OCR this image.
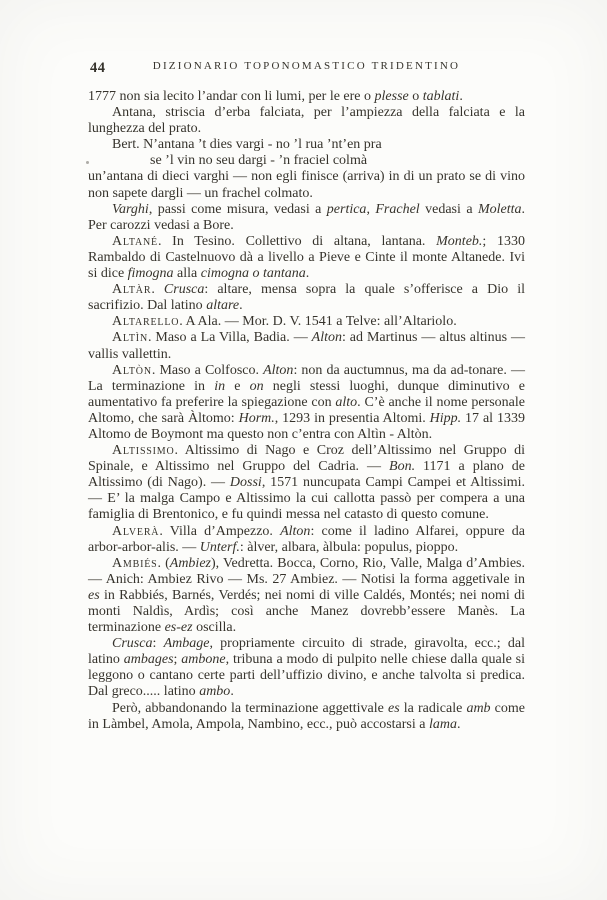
44	DIZIONARIO TOPONOMASTICO TRIDENTINO

1777 non sia lecito l’andar con li lumi, per le ere o plesse o tablati.

Antana, striscia d’erba falciata, per l’ampiezza della falciata e la lunghezza del prato.

Bert. N’antana ’t dies vargi - no ’l rua ’nt’en pra

se ’l vin no seu dargi - ’n fraciel colmà

un’antana di dieci varghi — non egli finisce (arriva) in di un prato se di vino non sapete dargli — un frachel colmato.

Varghi, passi come misura, vedasi a pertica, Frachel vedasi a Moletta. Per carozzi vedasi a Bore.

Altané. In Tesino. Collettivo di altana, lantana. Monteb.; 1330 Rambaldo di Castelnuovo dà a livello a Pieve e Cinte il monte Altanede. Ivi si dice fimogna alla cimogna o tantana.

Altàr. Crusca: altare, mensa sopra la quale s’offerisce a Dio il sacrifizio. Dal latino altare.

Altarello. A Ala. — Mor. D. V. 1541 a Telve: all’Altariolo.

Altìn. Maso a La Villa, Badia. — Alton: ad Martinus — altus altinus — vallis vallettin.

Altòn. Maso a Colfosco. Alton: non da auctumnus, ma da ad-tonare. — La terminazione in in e on negli stessi luoghi, dunque diminutivo e aumentativo fa preferire la spiegazione con alto. C’è anche il nome personale Altomo, che sarà Àltomo: Horm., 1293 in presentia Altomi. Hipp. 17 al 1339 Altomo de Boymont ma questo non c’entra con Altìn - Altòn.

Altissimo. Altissimo di Nago e Croz dell’Altissimo nel Gruppo di Spinale, e Altissimo nel Gruppo del Cadria. — Bon. 1171 a plano de Altissimo (di Nago). — Dossi, 1571 nuncupata Campi Campei et Altissimi. — E’ la malga Campo e Altissimo la cui callotta passò per compera a una famiglia di Brentonico, e fu quindi messa nel catasto di questo comune.

Alverà. Villa d’Ampezzo. Alton: come il ladino Alfarei, oppure da arbor-arbor-alis. — Unterf.: àlver, albara, àlbula: populus, pioppo.

Ambiés. (Ambiez), Vedretta. Bocca, Corno, Rio, Valle, Malga d’Ambies. — Anich: Ambiez Rivo — Ms. 27 Ambiez. — Notisi la forma aggetivale in es in Rabbiés, Barnés, Verdés; nei nomi di ville Caldés, Montés; nei nomi di monti Naldìs, Ardìs; così anche Manez dovrebb’essere Manès. La terminazione es-ez oscilla.

Crusca: Ambage, propriamente circuito di strade, giravolta, ecc.; dal latino ambages; ambone, tribuna a modo di pulpito nelle chiese dalla quale si leggono o cantano certe parti dell’uffizio divino, e anche talvolta si predica. Dal greco..... latino ambo.

Però, abbandonando la terminazione aggettivale es la radicale amb come in Làmbel, Amola, Ampola, Nambino, ecc., può accostarsi a lama.
